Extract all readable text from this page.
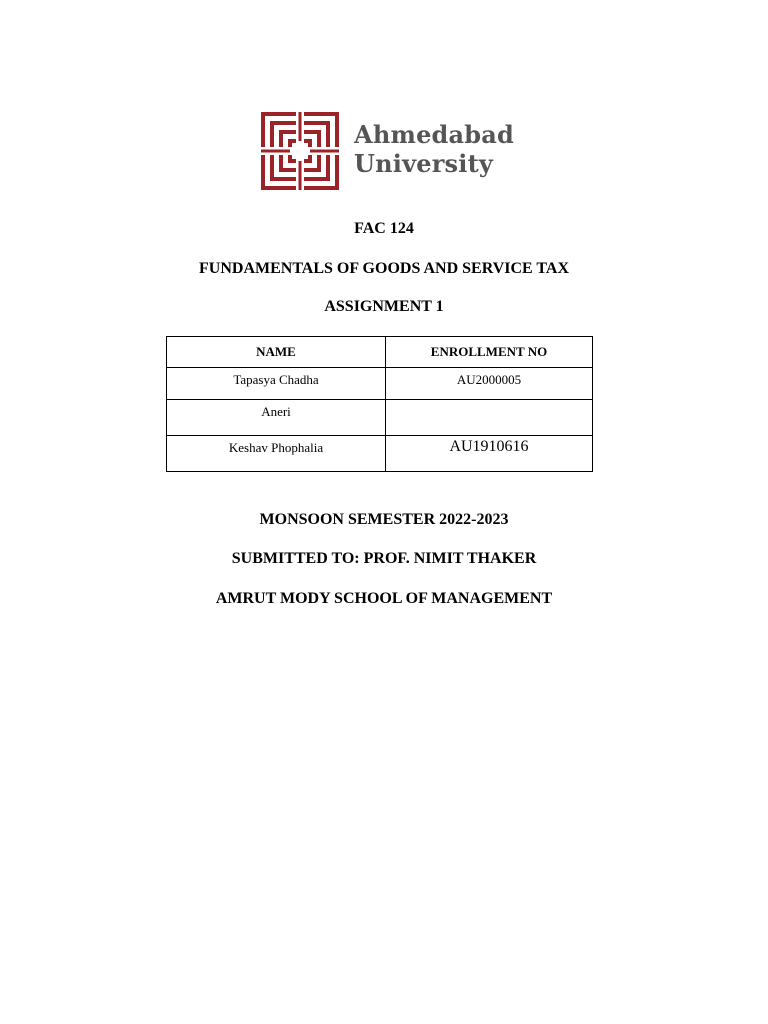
Ahmedabad
University
FAC 124
FUNDAMENTALS OF GOODS AND SERVICE TAX
ASSIGNMENT 1
NAME	ENROLLMENT NO
Tapasya Chadha	AU2000005
Aneri	
Keshav Phophalia	AU1910616
MONSOON SEMESTER 2022-2023
SUBMITTED TO: PROF. NIMIT THAKER
AMRUT MODY SCHOOL OF MANAGEMENT
